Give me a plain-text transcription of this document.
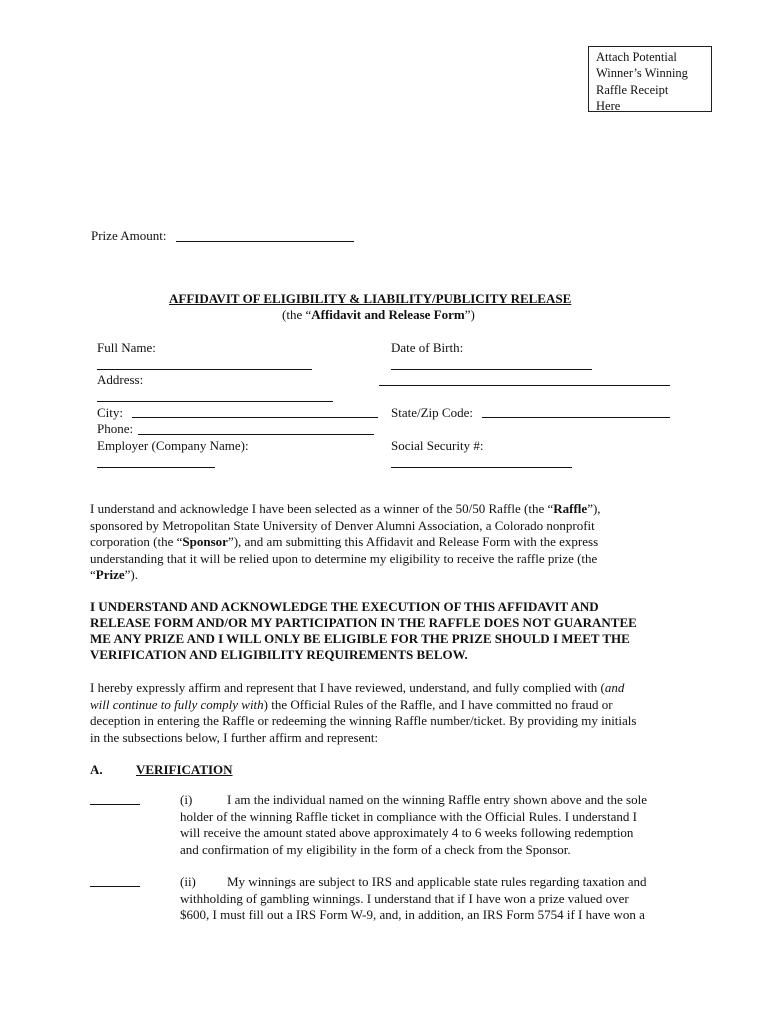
Attach Potential
Winner’s Winning
Raffle Receipt
Here
Prize Amount:
AFFIDAVIT OF ELIGIBILITY & LIABILITY/PUBLICITY RELEASE
(the “Affidavit and Release Form”)
Full Name:	Date of Birth:
Address:
City:	State/Zip Code:
Phone:
Employer (Company Name):	Social Security #:
I understand and acknowledge I have been selected as a winner of the 50/50 Raffle (the “Raffle”),
sponsored by Metropolitan State University of Denver Alumni Association, a Colorado nonprofit
corporation (the “Sponsor”), and am submitting this Affidavit and Release Form with the express
understanding that it will be relied upon to determine my eligibility to receive the raffle prize (the
“Prize”).
I UNDERSTAND AND ACKNOWLEDGE THE EXECUTION OF THIS AFFIDAVIT AND
RELEASE FORM AND/OR MY PARTICIPATION IN THE RAFFLE DOES NOT GUARANTEE
ME ANY PRIZE AND I WILL ONLY BE ELIGIBLE FOR THE PRIZE SHOULD I MEET THE
VERIFICATION AND ELIGIBILITY REQUIREMENTS BELOW.
I hereby expressly affirm and represent that I have reviewed, understand, and fully complied with (and
will continue to fully comply with) the Official Rules of the Raffle, and I have committed no fraud or
deception in entering the Raffle or redeeming the winning Raffle number/ticket. By providing my initials
in the subsections below, I further affirm and represent:
A.	VERIFICATION
(i)	I am the individual named on the winning Raffle entry shown above and the sole
holder of the winning Raffle ticket in compliance with the Official Rules. I understand I
will receive the amount stated above approximately 4 to 6 weeks following redemption
and confirmation of my eligibility in the form of a check from the Sponsor.
(ii)	My winnings are subject to IRS and applicable state rules regarding taxation and
withholding of gambling winnings. I understand that if I have won a prize valued over
$600, I must fill out a IRS Form W-9, and, in addition, an IRS Form 5754 if I have won a
